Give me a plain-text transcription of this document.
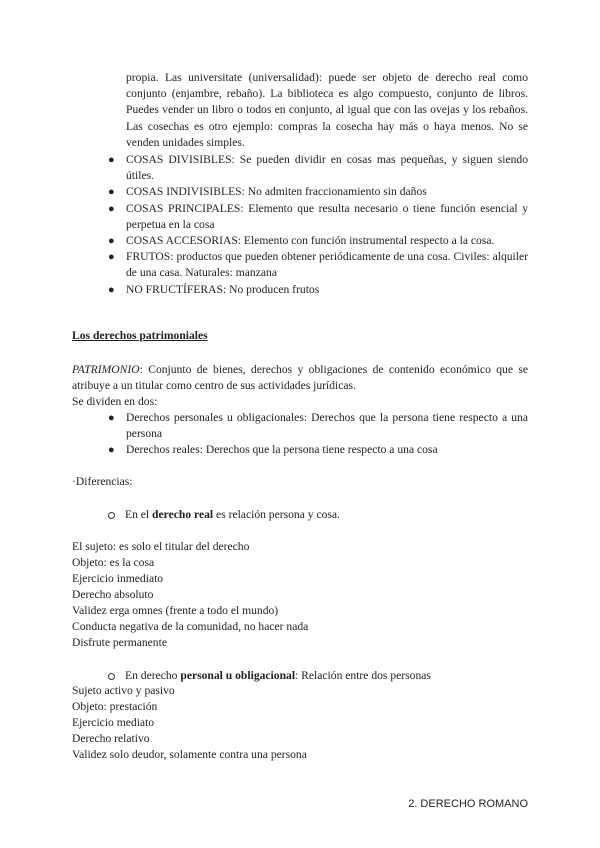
propia. Las universitate (universalidad): puede ser objeto de derecho real como conjunto (enjambre, rebaño). La biblioteca es algo compuesto, conjunto de libros. Puedes vender un libro o todos en conjunto, al igual que con las ovejas y los rebaños. Las cosechas es otro ejemplo: compras la cosecha hay más o haya menos. No se venden unidades simples.
● COSAS DIVISIBLES: Se pueden dividir en cosas mas pequeñas, y siguen siendo útiles.
● COSAS INDIVISIBLES: No admiten fraccionamiento sin daños
● COSAS PRINCIPALES: Elemento que resulta necesario o tiene función esencial y perpetua en la cosa
● COSAS ACCESORIAS: Elemento con función instrumental respecto a la cosa.
● FRUTOS: productos que pueden obtener periódicamente de una cosa. Civiles: alquiler de una casa. Naturales: manzana
● NO FRUCTÍFERAS: No producen frutos
Los derechos patrimoniales
PATRIMONIO: Conjunto de bienes, derechos y obligaciones de contenido económico que se atribuye a un titular como centro de sus actividades jurídicas.
Se dividen en dos:
● Derechos personales u obligacionales: Derechos que la persona tiene respecto a una persona
● Derechos reales: Derechos que la persona tiene respecto a una cosa
·Diferencias:
En el derecho real es relación persona y cosa.
El sujeto: es solo el titular del derecho
Objeto: es la cosa
Ejercicio inmediato
Derecho absoluto
Validez erga omnes (frente a todo el mundo)
Conducta negativa de la comunidad, no hacer nada
Disfrute permanente
En derecho personal u obligacional: Relación entre dos personas
Sujeto activo y pasivo
Objeto: prestación
Ejercicio mediato
Derecho relativo
Validez solo deudor, solamente contra una persona
2. DERECHO ROMANO
